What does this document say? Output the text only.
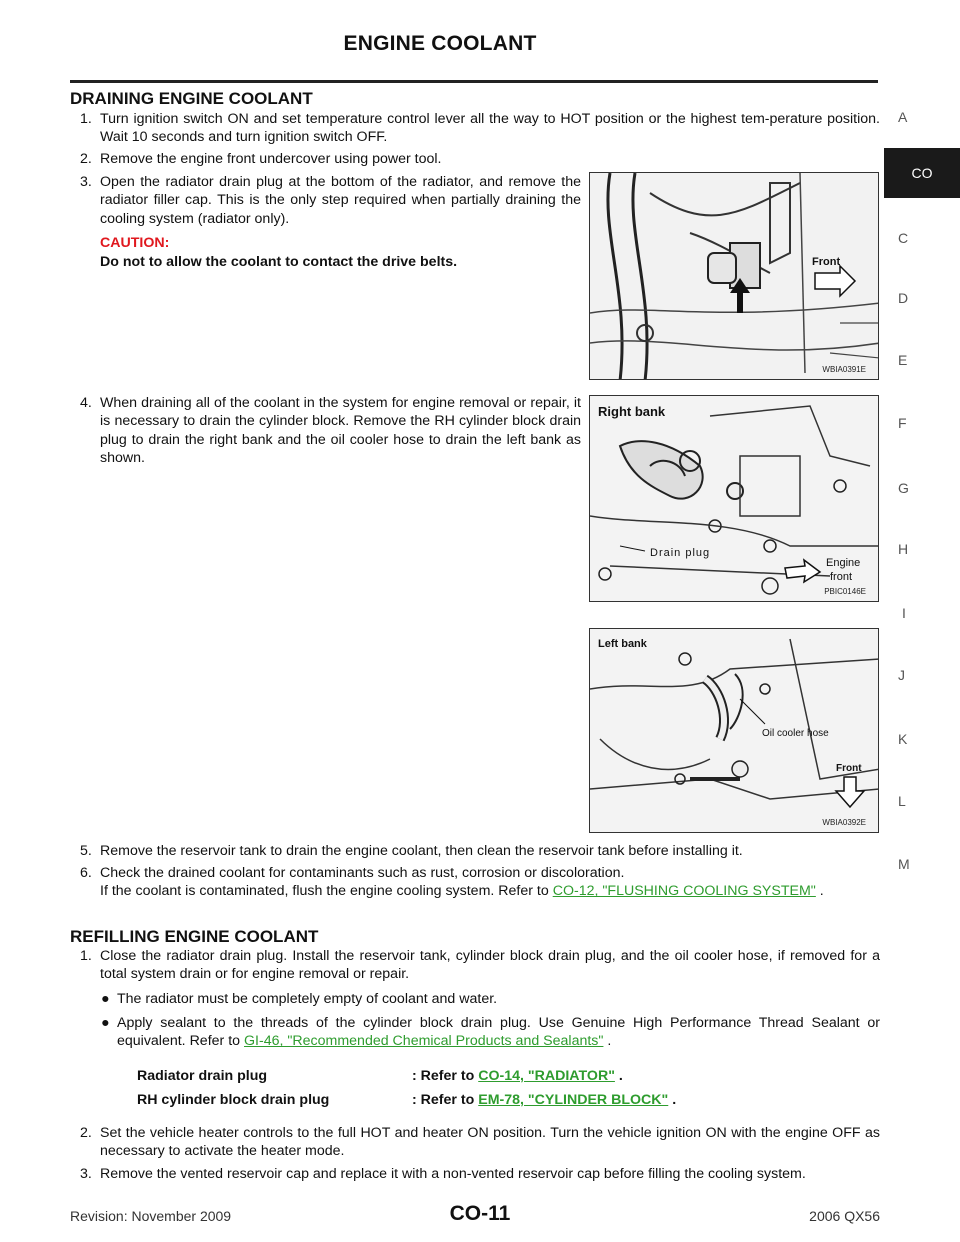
ENGINE COOLANT
A
CO
C
D
E
F
G
H
I
J
K
L
M
DRAINING ENGINE COOLANT
1. Turn ignition switch ON and set temperature control lever all the way to HOT position or the highest tem-perature position. Wait 10 seconds and turn ignition switch OFF.
2. Remove the engine front undercover using power tool.
3. Open the radiator drain plug at the bottom of the radiator, and remove the radiator filler cap. This is the only step required when partially draining the cooling system (radiator only).
CAUTION:
Do not to allow the coolant to contact the drive belts.
4. When draining all of the coolant in the system for engine removal or repair, it is necessary to drain the cylinder block. Remove the RH cylinder block drain plug to drain the right bank and the oil cooler hose to drain the left bank as shown.
Front
WBIA0391E
Right bank
Drain plug
Engine
front
PBIC0146E
Left bank
Oil cooler hose
Front
WBIA0392E
5. Remove the reservoir tank to drain the engine coolant, then clean the reservoir tank before installing it.
6. Check the drained coolant for contaminants such as rust, corrosion or discoloration.
If the coolant is contaminated, flush the engine cooling system. Refer to CO-12, "FLUSHING COOLING SYSTEM" .
REFILLING ENGINE COOLANT
1. Close the radiator drain plug. Install the reservoir tank, cylinder block drain plug, and the oil cooler hose, if removed for a total system drain or for engine removal or repair.
● The radiator must be completely empty of coolant and water.
● Apply sealant to the threads of the cylinder block drain plug. Use Genuine High Performance Thread Sealant or equivalent. Refer to GI-46, "Recommended Chemical Products and Sealants" .
Radiator drain plug	: Refer to CO-14, "RADIATOR" .
RH cylinder block drain plug	: Refer to EM-78, "CYLINDER BLOCK" .
2. Set the vehicle heater controls to the full HOT and heater ON position. Turn the vehicle ignition ON with the engine OFF as necessary to activate the heater mode.
3. Remove the vented reservoir cap and replace it with a non-vented reservoir cap before filling the cooling system.
Revision: November 2009	CO-11	2006 QX56
